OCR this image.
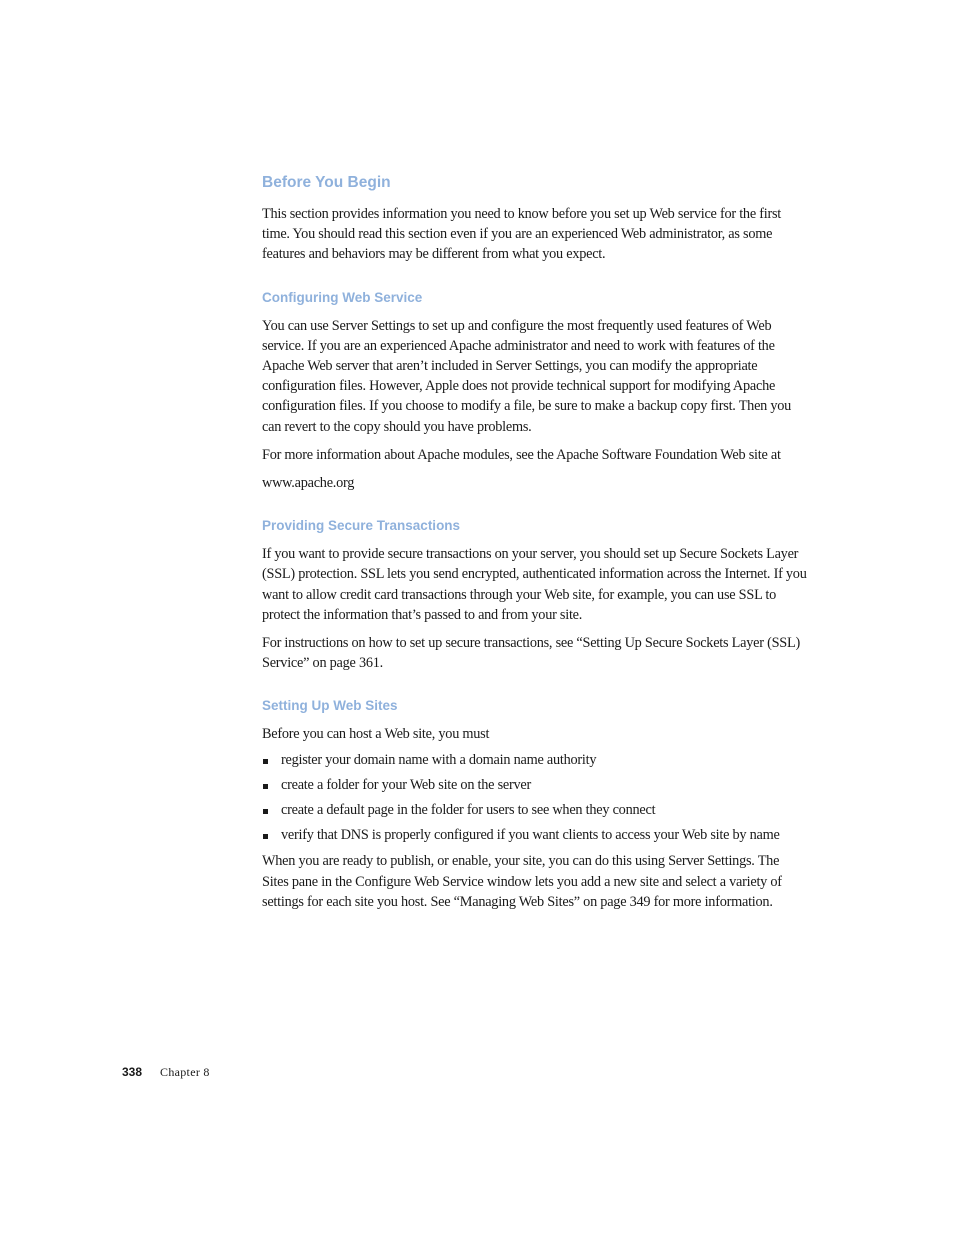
Before You Begin

This section provides information you need to know before you set up Web service for the first time. You should read this section even if you are an experienced Web administrator, as some features and behaviors may be different from what you expect.

Configuring Web Service

You can use Server Settings to set up and configure the most frequently used features of Web service. If you are an experienced Apache administrator and need to work with features of the Apache Web server that aren’t included in Server Settings, you can modify the appropriate configuration files. However, Apple does not provide technical support for modifying Apache configuration files. If you choose to modify a file, be sure to make a backup copy first. Then you can revert to the copy should you have problems.

For more information about Apache modules, see the Apache Software Foundation Web site at

www.apache.org

Providing Secure Transactions

If you want to provide secure transactions on your server, you should set up Secure Sockets Layer (SSL) protection. SSL lets you send encrypted, authenticated information across the Internet. If you want to allow credit card transactions through your Web site, for example, you can use SSL to protect the information that’s passed to and from your site.

For instructions on how to set up secure transactions, see “Setting Up Secure Sockets Layer (SSL) Service” on page 361.

Setting Up Web Sites

Before you can host a Web site, you must

register your domain name with a domain name authority
create a folder for your Web site on the server
create a default page in the folder for users to see when they connect
verify that DNS is properly configured if you want clients to access your Web site by name

When you are ready to publish, or enable, your site, you can do this using Server Settings. The Sites pane in the Configure Web Service window lets you add a new site and select a variety of settings for each site you host. See “Managing Web Sites” on page 349 for more information.

338 Chapter 8
